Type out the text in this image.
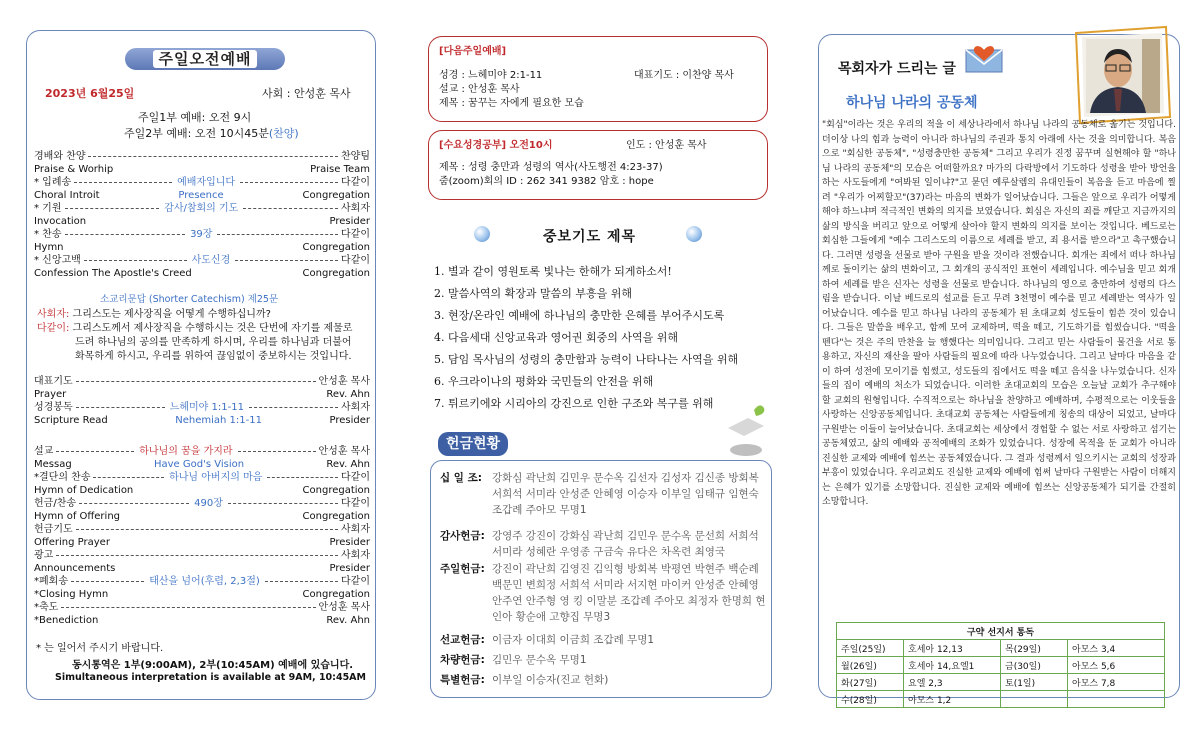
주일오전예배
2023년 6월25일	사회 : 안성훈 목사
주일1부 예배: 오전 9시
주일2부 예배: 오전 10시45분(찬양)
경배와 찬양	찬양팀
Praise & Worhip	Praise Team
* 입례송	예배자입니다	다같이
Choral Introit	Presence	Congregation
* 기원	감사/참회의 기도	사회자
Invocation	Presider
* 찬송	39장	다같이
Hymn	Congregation
* 신앙고백	사도신경	다같이
Confession The Apostle's Creed	Congregation
소교리문답 (Shorter Catechism) 제25문
사회자: 그리스도는 제사장직을 어떻게 수행하십니까?
다같이: 그리스도께서 제사장직을 수행하시는 것은 단번에 자기를 제물로
드려 하나님의 공의를 만족하게 하시며, 우리를 하나님과 더불어
화목하게 하시고, 우리를 위하여 끊임없이 중보하시는 것입니다.
대표기도	안성훈 목사
Prayer	Rev. Ahn
성경봉독	느헤미야 1:1-11	사회자
Scripture Read	Nehemiah 1:1-11	Presider
설교	하나님의 꿈을 가지라	안성훈 목사
Messag	Have God's Vision	Rev. Ahn
*결단의 찬송	하나님 아버지의 마음	다같이
Hymn of Dedication	Congregation
헌금/찬송	490장	다같이
Hymn of Offering	Congregation
헌금기도	사회자
Offering Prayer	Presider
광고	사회자
Announcements	Presider
*폐회송	태산을 넘어(후렴, 2,3절)	다같이
*Closing Hymn	Congregation
*축도	안성훈 목사
*Benediction	Rev. Ahn
* 는 일어서 주시기 바랍니다.
동시통역은 1부(9:00AM), 2부(10:45AM) 예배에 있습니다.
Simultaneous interpretation is available at 9AM, 10:45AM
[다음주일예배]
성경 : 느헤미야 2:1-11	대표기도 : 이찬양 목사
설교 : 안성훈 목사
제목 : 꿈꾸는 자에게 필요한 모습
[수요성경공부] 오전10시	인도 : 안성훈 목사
제목 : 성령 충만과 성령의 역사(사도행전 4:23-37)
줌(zoom)회의 ID : 262 341 9382 암호 : hope
중보기도 제목
1. 별과 같이 영원토록 빛나는 한해가 되게하소서!
2. 말씀사역의 확장과 말씀의 부흥을 위해
3. 현장/온라인 예배에 하나님의 충만한 은혜를 부어주시도록
4. 다음세대 신앙교육과 영어권 회중의 사역을 위해
5. 담임 목사님의 성령의 충만함과 능력이 나타나는 사역을 위해
6. 우크라이나의 평화와 국민들의 안전을 위해
7. 튀르키에와 시리아의 강진으로 인한 구조와 복구를 위해
헌금현황
십 일 조: 강화심 곽난희 김민우 문수옥 김선자 김성자 김신종 방회복 서희석 서미라 안성준 안혜영 이승자 이부일 임태규 임현숙 조갑례 주아모 무명1
감사헌금: 강영주 강진이 강화심 곽난희 김민우 문수옥 문선희 서희석 서미라 성혜란 우영종 구금숙 유다은 차옥련 최영국
주일헌금: 강진이 곽난희 김영진 김익형 방회복 박평연 박현주 백순례 백문민 변희정 서희석 서미라 서지현 마이커 안성준 안혜영 안주연 안주형 영 킹 이말분 조갑례 주아모 최정자 한명희 현인아 황순애 고향집 무명3
선교헌금: 이금자 이대희 이금희 조갑례 무명1
차량헌금: 김민우 문수옥 무명1
특별헌금: 이부일 이승자(진교 헌화)
목회자가 드리는 글
하나님 나라의 공동체
"회심"이라는 것은 우리의 적을 이 세상나라에서 하나님 나라의 공동체로 옮기는 것입니다. 더이상 나의 힘과 능력이 아니라 하나님의 주권과 통치 아래에 사는 것을 의미합니다. 복음으로 "회심한 공동체", "성령충만한 공동체" 그리고 우리가 진정 꿈꾸며 실현해야 할 "하나님 나라의 공동체"의 모습은 어떠할까요? 마가의 다락방에서 기도하다 성령을 받아 방언을 하는 사도들에게 "여봐된 일이냐?"고 묻던 예루살렘의 유대인들이 복음을 듣고 마음에 찔려 "우리가 어찌할꼬"(37)라는 마음의 변화가 일어났습니다. 그들은 앞으로 우리가 어떻게 해야 하느냐며 적극적인 변화의 의지를 보였습니다. 회심은 자신의 죄를 깨닫고 지금까지의 삶의 방식을 버리고 앞으로 어떻게 살아야 할지 변화의 의지를 보이는 것입니다. 베드로는 회심한 그들에게 "예수 그리스도의 이름으로 세례를 받고, 죄 용서를 받으라"고 촉구했습니다. 그러면 성령을 선물로 받아 구원을 받을 것이라 전했습니다. 회개는 죄에서 떠나 하나님께로 돌이키는 삶의 변화이고, 그 회개의 공식적인 표현이 세례입니다. 예수님을 믿고 회개하여 세례를 받은 신자는 성령을 선물로 받습니다. 하나님의 영으로 충만하여 성령의 다스림을 받습니다. 이날 베드로의 설교를 듣고 무려 3천명이 예수를 믿고 세례받는 역사가 일어났습니다. 예수를 믿고 하나님 나라의 공동체가 된 초대교회 성도들이 힘쓴 것이 있습니다. 그들은 말씀을 배우고, 함께 모여 교제하며, 떡을 떼고, 기도하기를 힘썼습니다. "떡을 뗀다"는 것은 주의 만찬을 늘 행했다는 의미입니다. 그리고 믿는 사람들이 물건을 서로 통용하고, 자신의 재산을 팔아 사람들의 필요에 따라 나누었습니다. 그리고 날마다 마음을 같이 하여 성전에 모이기를 힘썼고, 성도들의 집에서도 떡을 떼고 음식을 나누었습니다. 신자들의 집이 예배의 처소가 되었습니다. 이러한 초대교회의 모습은 오늘날 교회가 추구해야 할 교회의 원형입니다. 수직적으로는 하나님을 찬양하고 예배하며, 수평적으로는 이웃들을 사랑하는 신앙공동체입니다. 초대교회 공동체는 사람들에게 칭송의 대상이 되었고, 날마다 구원받는 이들이 늘어났습니다. 초대교회는 세상에서 경험할 수 없는 서로 사랑하고 섬기는 공동체였고, 삶의 예배와 공적예배의 조화가 있었습니다. 성장에 목적을 둔 교회가 아니라 진실한 교제와 예배에 힘쓰는 공동체였습니다. 그 결과 성령께서 일으키시는 교회의 성장과 부흥이 있었습니다. 우리교회도 진실한 교제와 예배에 힘써 날마다 구원받는 사람이 더해지는 은혜가 있기를 소망합니다. 진실한 교제와 예배에 힘쓰는 신앙공동체가 되기를 간절히 소망합니다.
구약 선지서 통독			
주일(25일)	호세아 12,13	목(29일)	아모스 3,4
월(26일)	호세아 14,요엘1	금(30일)	아모스 5,6
화(27일)	요엘 2,3	토(1일)	아모스 7,8
수(28일)	아모스 1,2		
